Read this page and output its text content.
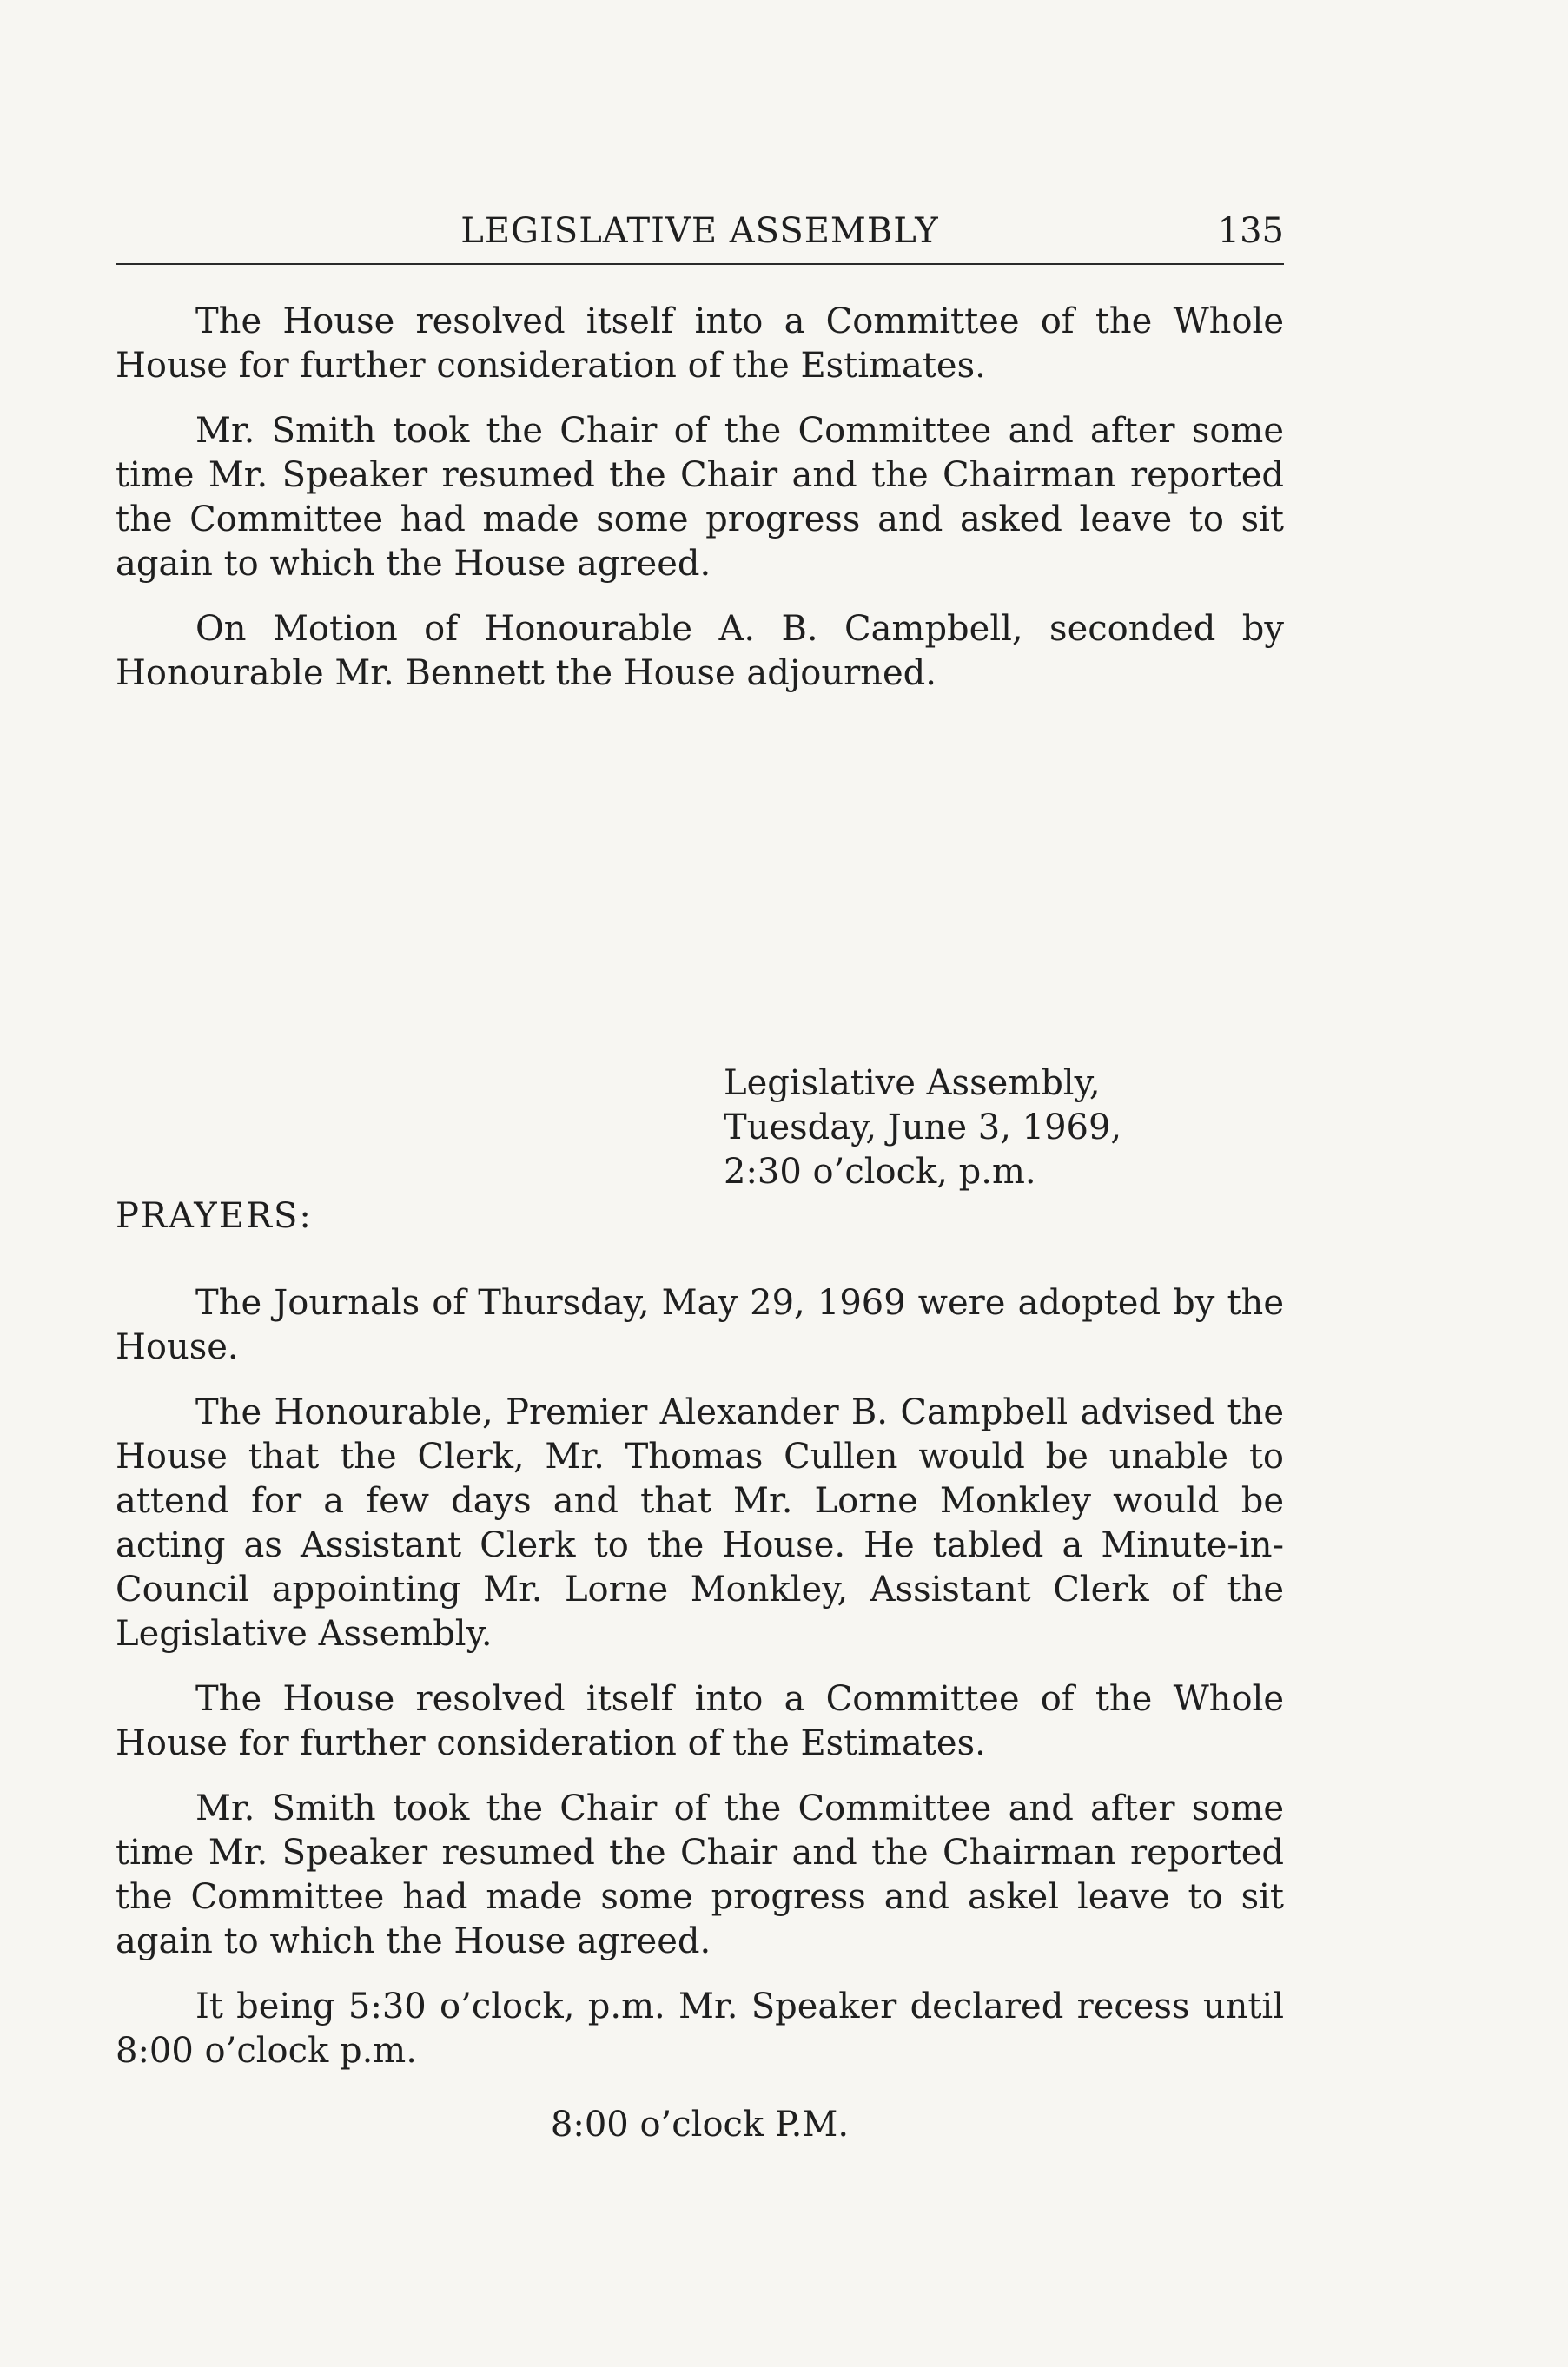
LEGISLATIVE ASSEMBLY	135

The House resolved itself into a Committee of the Whole House for further consideration of the Estimates.

Mr. Smith took the Chair of the Committee and after some time Mr. Speaker resumed the Chair and the Chairman reported the Committee had made some progress and asked leave to sit again to which the House agreed.

On Motion of Honourable A. B. Campbell, seconded by Honourable Mr. Bennett the House adjourned.

Legislative Assembly,
Tuesday, June 3, 1969,
2:30 o’clock, p.m.
PRAYERS:

The Journals of Thursday, May 29, 1969 were adopted by the House.

The Honourable, Premier Alexander B. Campbell advised the House that the Clerk, Mr. Thomas Cullen would be unable to attend for a few days and that Mr. Lorne Monkley would be acting as Assistant Clerk to the House. He tabled a Minute-in-Council appointing Mr. Lorne Monkley, Assistant Clerk of the Legislative Assembly.

The House resolved itself into a Committee of the Whole House for further consideration of the Estimates.

Mr. Smith took the Chair of the Committee and after some time Mr. Speaker resumed the Chair and the Chairman reported the Committee had made some progress and askel leave to sit again to which the House agreed.

It being 5:30 o’clock, p.m. Mr. Speaker declared recess until 8:00 o’clock p.m.

8:00 o’clock P.M.
